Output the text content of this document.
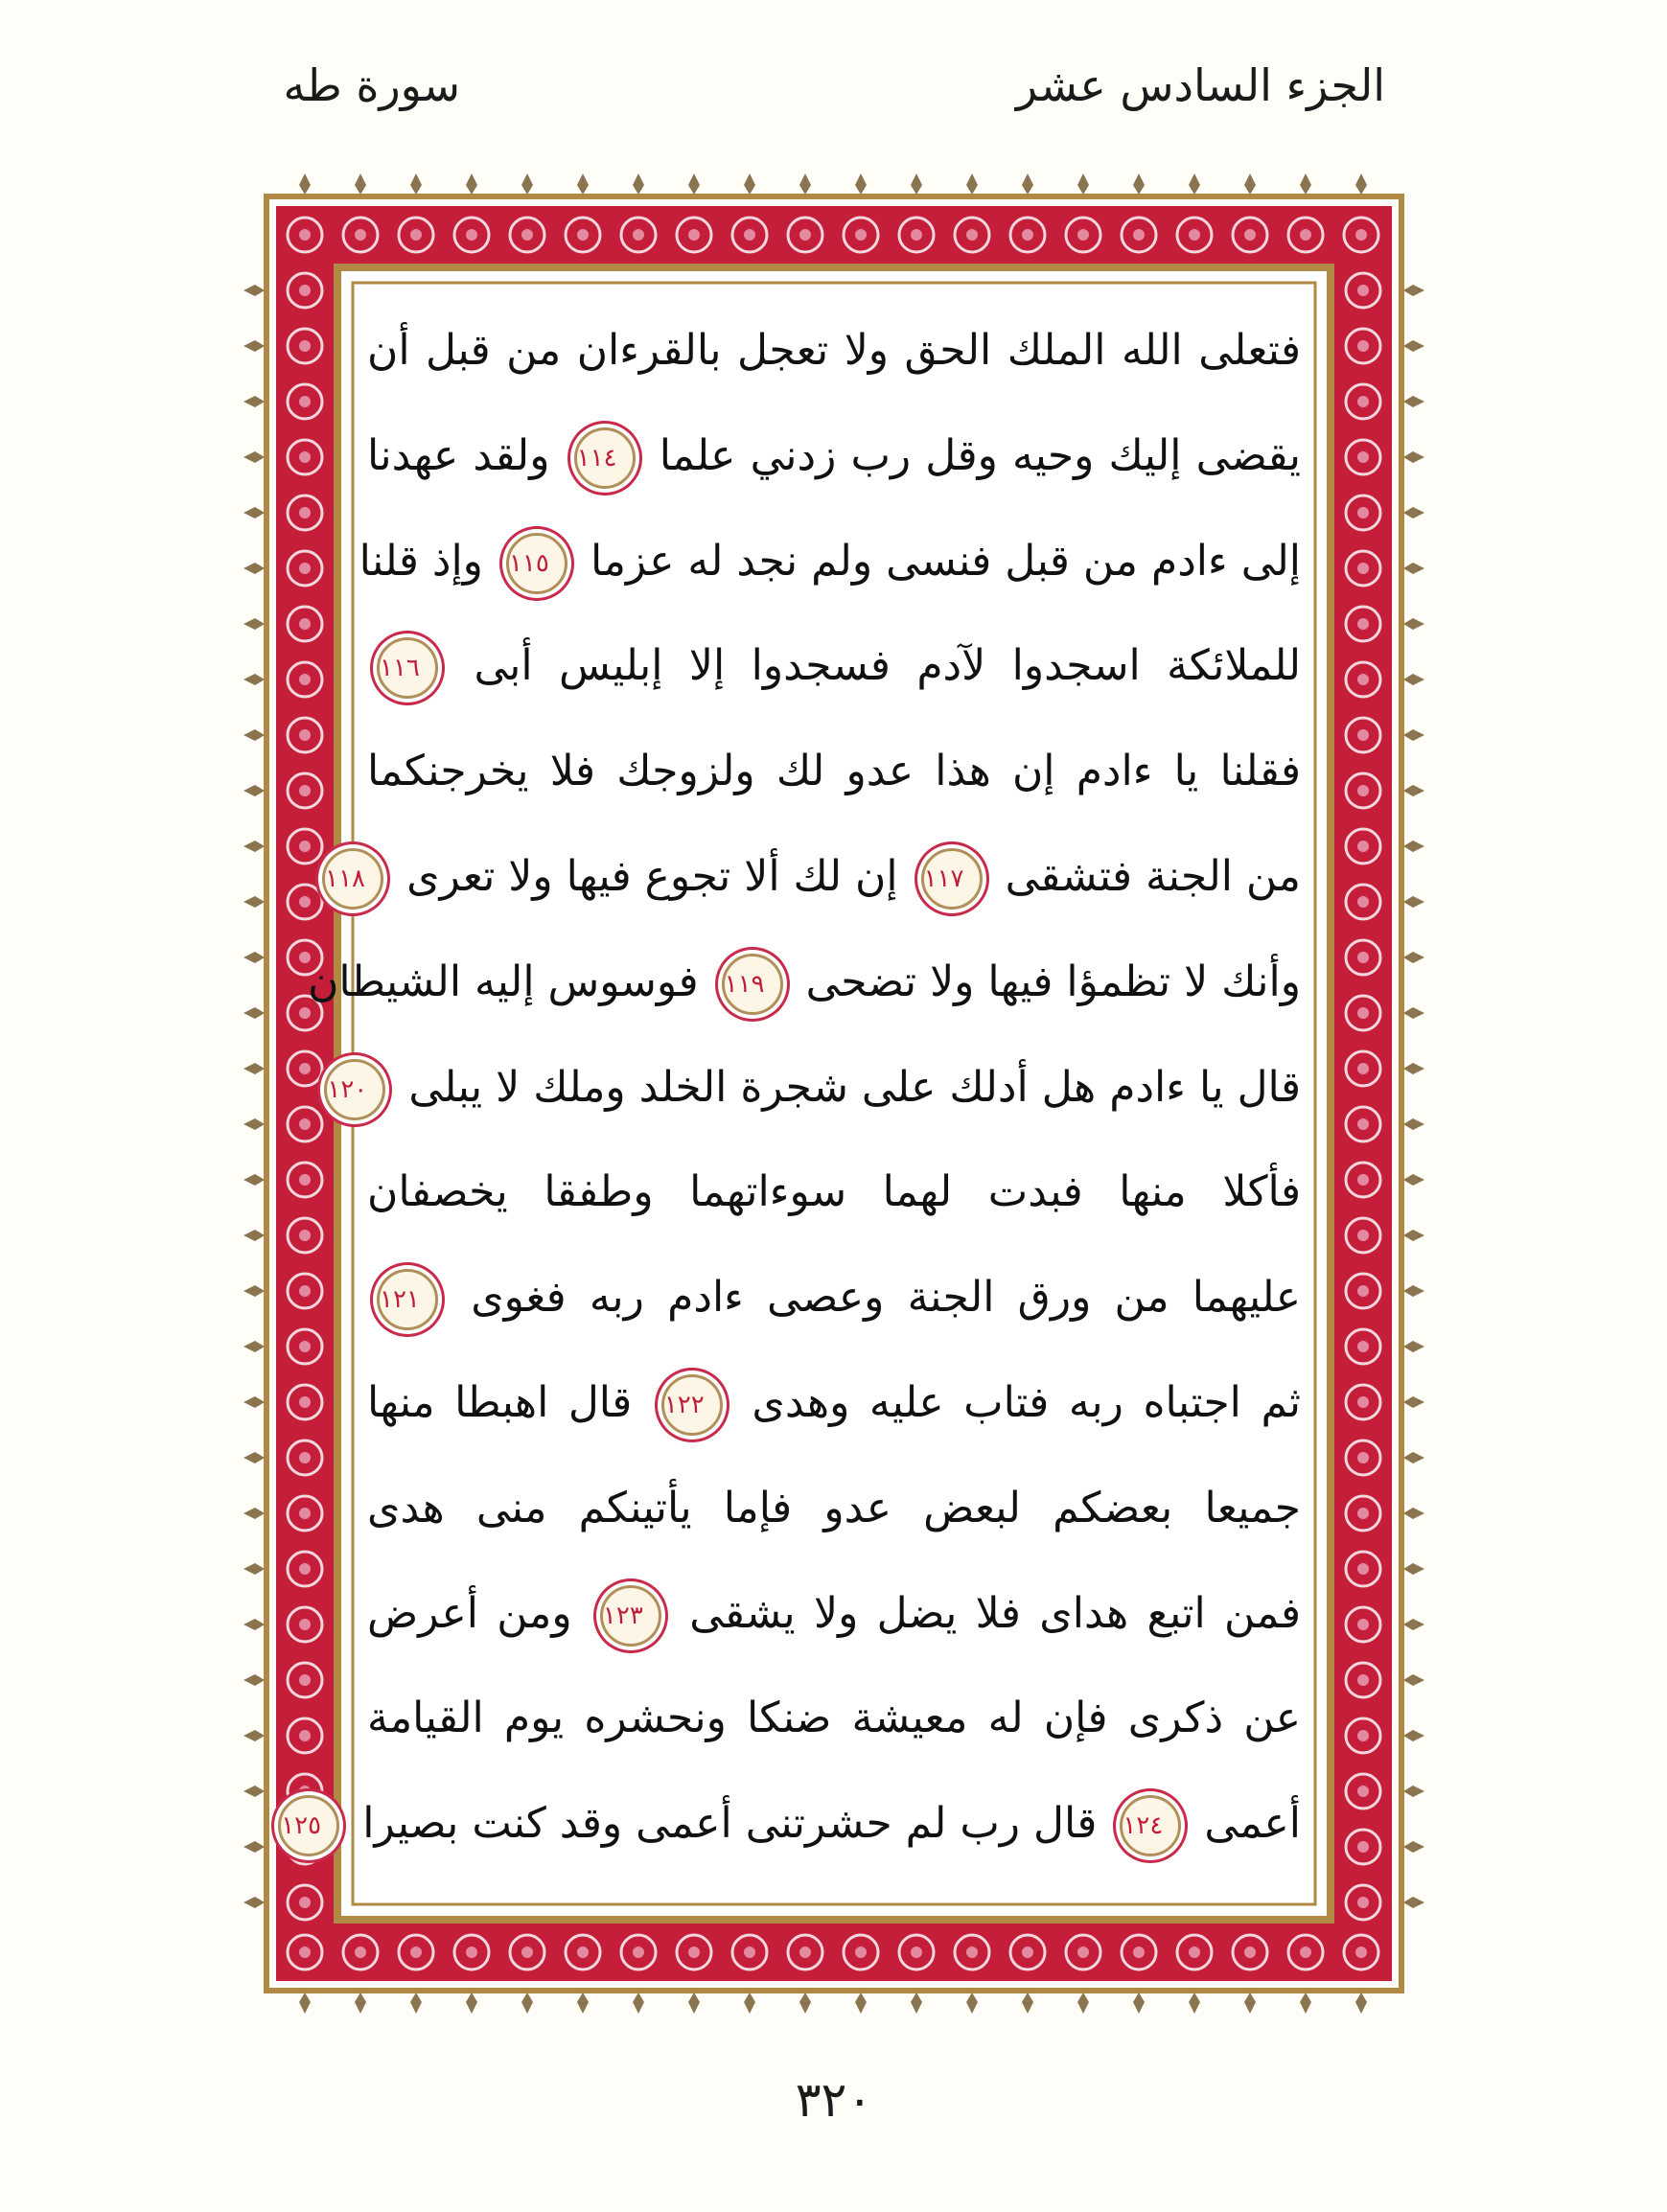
الجزء السادس عشر
سورة طه
فتعلى الله الملك الحق ولا تعجل بالقرءان من قبل أن
يقضى إليك وحيه وقل رب زدني علما ١١٤ ولقد عهدنا
إلى ءادم من قبل فنسى ولم نجد له عزما ١١٥ وإذ قلنا
للملائكة اسجدوا لآدم فسجدوا إلا إبليس أبى ١١٦
فقلنا يا ءادم إن هذا عدو لك ولزوجك فلا يخرجنكما
من الجنة فتشقى ١١٧ إن لك ألا تجوع فيها ولا تعرى ١١٨
وأنك لا تظمؤا فيها ولا تضحى ١١٩ فوسوس إليه الشيطان
قال يا ءادم هل أدلك على شجرة الخلد وملك لا يبلى ١٢٠
فأكلا منها فبدت لهما سوءاتهما وطفقا يخصفان
عليهما من ورق الجنة وعصى ءادم ربه فغوى ١٢١
ثم اجتباه ربه فتاب عليه وهدى ١٢٢ قال اهبطا منها
جميعا بعضكم لبعض عدو فإما يأتينكم منى هدى
فمن اتبع هداى فلا يضل ولا يشقى ١٢٣ ومن أعرض
عن ذكرى فإن له معيشة ضنكا ونحشره يوم القيامة
أعمى ١٢٤ قال رب لم حشرتنى أعمى وقد كنت بصيرا ١٢٥
٣٢٠
